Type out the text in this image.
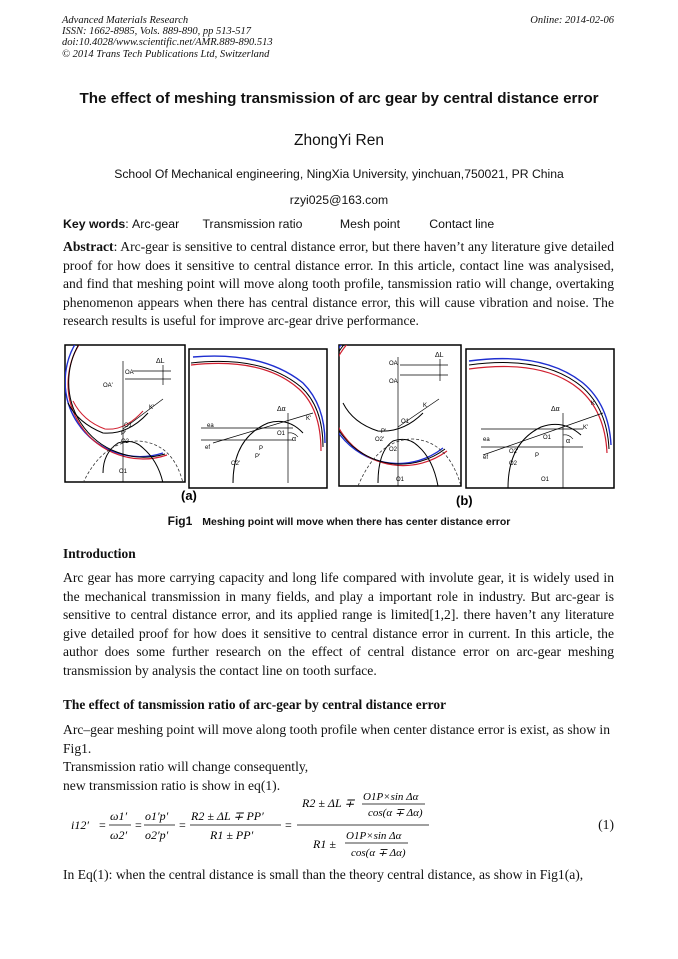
Advanced Materials Research
ISSN: 1662-8985, Vols. 889-890, pp 513-517
doi:10.4028/www.scientific.net/AMR.889-890.513
© 2014 Trans Tech Publications Ltd, Switzerland
Online: 2014-02-06
The effect of meshing transmission of arc gear by central distance error
ZhongYi Ren
School Of Mechanical engineering, NingXia University, yinchuan,750021, PR China
rzyi025@163.com
Key words: Arc-gear Transmission ratio	Mesh point Contact line
Abstract: Arc-gear is sensitive to central distance error, but there haven’t any literature give detailed proof for how does it sensitive to central distance error. In this article, contact line was analysised, and find that meshing point will move along tooth profile, tansmission ratio will change, overtaking phenomenon appears when there has central distance error, this will cause vibration and noise. The research results is useful for improve arc-gear drive performance.
ΔL
OA
OA'
K'
O1
P'
O2
O1
Δα
K'
ea
ef
α
O1
P
P'
O2'
ΔL
OA
OA
K
O1
P'
O2'
O2
O1
Δα
K
K'
ea
ef
α
O1
P
O2'
O2
O1
(a)	(b)
Fig1 Meshing point will move when there has center distance error
Introduction
Arc gear has more carrying capacity and long life compared with involute gear, it is widely used in the mechanical transmission in many fields, and play a important role in industry. But arc-gear is sensitive to central distance error, and its applied range is limited[1,2]. there haven’t any literature give detailed proof for how does it sensitive to central distance error in current. In this article, the author does some further research on the effect of central distance error on arc-gear meshing transmission by analysis the contact line on tooth surface.
The effect of tansmission ratio of arc-gear by central distance error
Arc–gear meshing point will move along tooth profile when center distance error is exist, as show in Fig1.
Transmission ratio will change consequently,
new transmission ratio is show in eq(1).
i12′ =
ω1′
ω2′
=
o1′p′
o2′p′
=
R2 ± ΔL ∓ PP′
R1 ± PP′
=
R2 ± ΔL ∓ O1P×sin Δα
cos(α ∓ Δα)
R1 ±
O1P×sin Δα
cos(α ∓ Δα)
(1)
In Eq(1): when the central distance is small than the theory central distance, as show in Fig1(a),
